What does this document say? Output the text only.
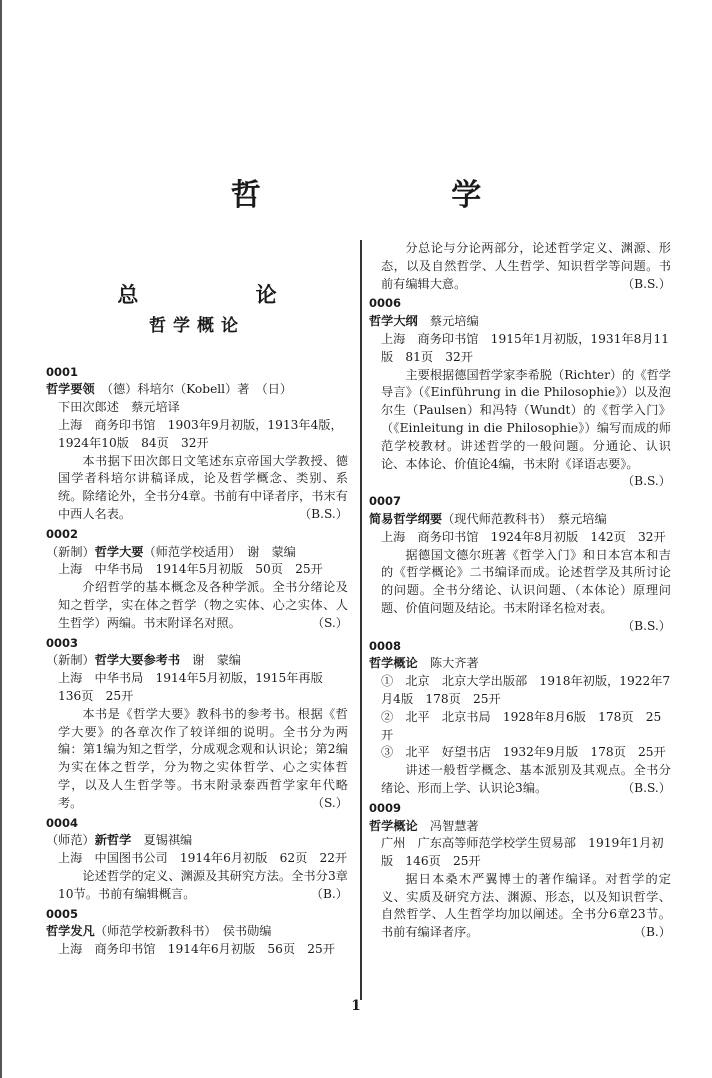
哲 学
总 论
哲学概论
0001
哲学要领　（德）科培尔（Kobell）著　（日）
下田次郎述　蔡元培译
上海　商务印书馆　1903年9月初版，1913年4版，1924年10版　84页　32开
本书据下田次郎日文笔述东京帝国大学教授、德国学者科培尔讲稿译成，论及哲学概念、类别、系统。除绪论外，全书分4章。书前有中译者序，书末有中西人名表。	（B.S.）
0002
（新制）哲学大要（师范学校适用）　谢　蒙编
上海　中华书局　1914年5月初版　50页　25开
介绍哲学的基本概念及各种学派。全书分绪论及知之哲学，实在体之哲学（物之实体、心之实体、人生哲学）两编。书末附译名对照。	（S.）
0003
（新制）哲学大要参考书　谢　蒙编
上海　中华书局　1914年5月初版，1915年再版　136页　25开
本书是《哲学大要》教科书的参考书。根据《哲学大要》的各章次作了较详细的说明。全书分为两编：第1编为知之哲学，分成观念观和认识论；第2编为实在体之哲学，分为物之实体哲学、心之实体哲学，以及人生哲学等。书末附录泰西哲学家年代略考。	（S.）
0004
（师范）新哲学　夏锡祺编
上海　中国图书公司　1914年6月初版　62页　22开
论述哲学的定义、渊源及其研究方法。全书分3章10节。书前有编辑概言。	（B.）
0005
哲学发凡（师范学校新教科书）　侯书勋编
上海　商务印书馆　1914年6月初版　56页　25开
分总论与分论两部分，论述哲学定义、渊源、形态，以及自然哲学、人生哲学、知识哲学等问题。书前有编辑大意。	（B.S.）
0006
哲学大纲　蔡元培编
上海　商务印书馆　1915年1月初版，1931年8月11版　81页　32开
主要根据德国哲学家李希脱（Richter）的《哲学导言》（《Einführung in die Philosophie》）以及泡尔生（Paulsen）和冯特（Wundt）的《哲学入门》（《Einleitung in die Philosophie》）编写而成的师范学校教材。讲述哲学的一般问题。分通论、认识论、本体论、价值论4编，书末附《译语志要》。
（B.S.）
0007
简易哲学纲要（现代师范教科书）　蔡元培编
上海　商务印书馆　1924年8月初版　142页　32开
据德国文德尔班著《哲学入门》和日本宫本和吉的《哲学概论》二书编译而成。论述哲学及其所讨论的问题。全书分绪论、认识问题、（本体论）原理问题、价值问题及结论。书末附译名检对表。
（B.S.）
0008
哲学概论　陈大齐著
①　北京　北京大学出版部　1918年初版，1922年7月4版　178页　25开
②　北平　北京书局　1928年8月6版　178页　25开
③　北平　好望书店　1932年9月版　178页　25开
讲述一般哲学概念、基本派别及其观点。全书分绪论、形而上学、认识论3编。	（B.S.）
0009
哲学概论　冯智慧著
广州　广东高等师范学校学生贸易部　1919年1月初版　146页　25开
据日本桑木严翼博士的著作编译。对哲学的定义、实质及研究方法、渊源、形态，以及知识哲学、自然哲学、人生哲学均加以阐述。全书分6章23节。书前有编译者序。	（B.）
1
